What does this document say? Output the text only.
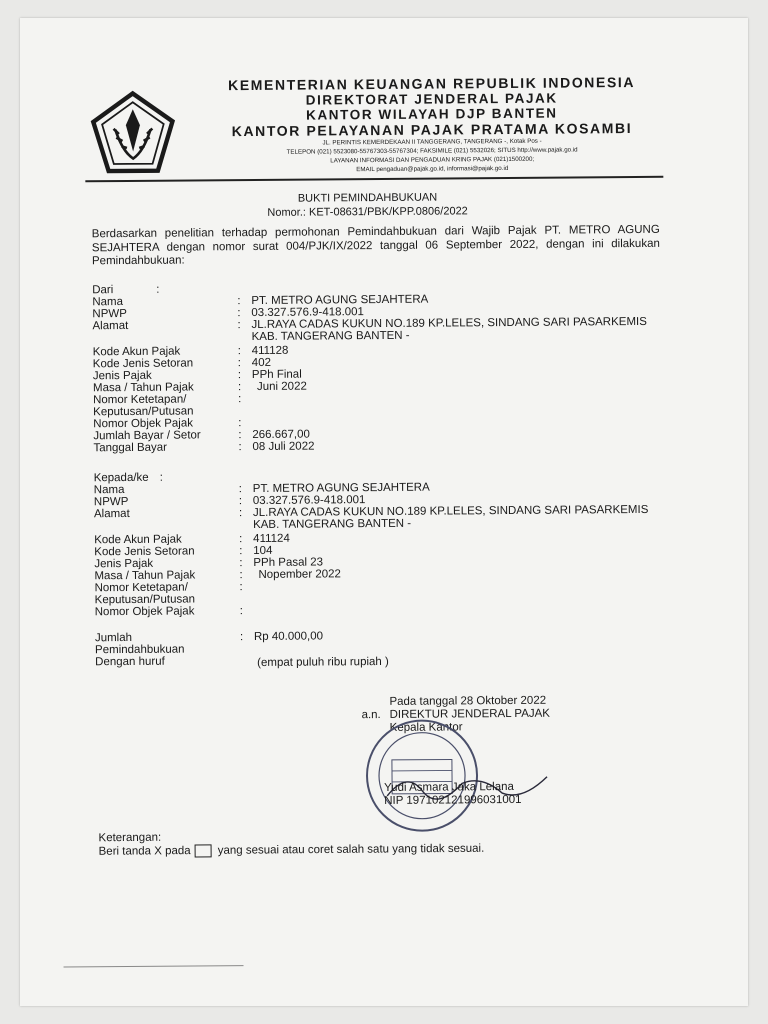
KEMENTERIAN KEUANGAN REPUBLIK INDONESIA
DIREKTORAT JENDERAL PAJAK
KANTOR WILAYAH DJP BANTEN
KANTOR PELAYANAN PAJAK PRATAMA KOSAMBI
JL. PERINTIS KEMERDEKAAN II TANGGERANG, TANGERANG -, Kotak Pos -
TELEPON (021) 5523080-55767303-55767304; FAKSIMILE (021) 5532026; SITUS http://www.pajak.go.id
LAYANAN INFORMASI DAN PENGADUAN KRING PAJAK (021)1500200;
EMAIL pengaduan@pajak.go.id, informasi@pajak.go.id
BUKTI PEMINDAHBUKUAN
Nomor.: KET-08631/PBK/KPP.0806/2022
Berdasarkan penelitian terhadap permohonan Pemindahbukuan dari Wajib Pajak PT. METRO AGUNG SEJAHTERA dengan nomor surat 004/PJK/IX/2022 tanggal 06 September 2022, dengan ini dilakukan Pemindahbukuan:
Dari	:
Nama	: PT. METRO AGUNG SEJAHTERA
NPWP	: 03.327.576.9-418.001
Alamat	: JL.RAYA CADAS KUKUN NO.189 KP.LELES, SINDANG SARI PASARKEMIS
KAB. TANGERANG BANTEN -
Kode Akun Pajak	: 411128
Kode Jenis Setoran	: 402
Jenis Pajak	: PPh Final
Masa / Tahun Pajak	: Juni 2022
Nomor Ketetapan/	:
Keputusan/Putusan
Nomor Objek Pajak	:
Jumlah Bayar / Setor	: 266.667,00
Tanggal Bayar	: 08 Juli 2022
Kepada/ke :
Nama	: PT. METRO AGUNG SEJAHTERA
NPWP	: 03.327.576.9-418.001
Alamat	: JL.RAYA CADAS KUKUN NO.189 KP.LELES, SINDANG SARI PASARKEMIS
KAB. TANGERANG BANTEN -
Kode Akun Pajak	: 411124
Kode Jenis Setoran	: 104
Jenis Pajak	: PPh Pasal 23
Masa / Tahun Pajak	: Nopember 2022
Nomor Ketetapan/	:
Keputusan/Putusan
Nomor Objek Pajak	:
Jumlah	: Rp 40.000,00
Pemindahbukuan
Dengan huruf	(empat puluh ribu rupiah )
Pada tanggal 28 Oktober 2022
a.n. DIREKTUR JENDERAL PAJAK
Kepala Kantor
Yudi Asmara Jaka Lelana
NIP 197102121996031001
Keterangan:
Beri tanda X pada yang sesuai atau coret salah satu yang tidak sesuai.
